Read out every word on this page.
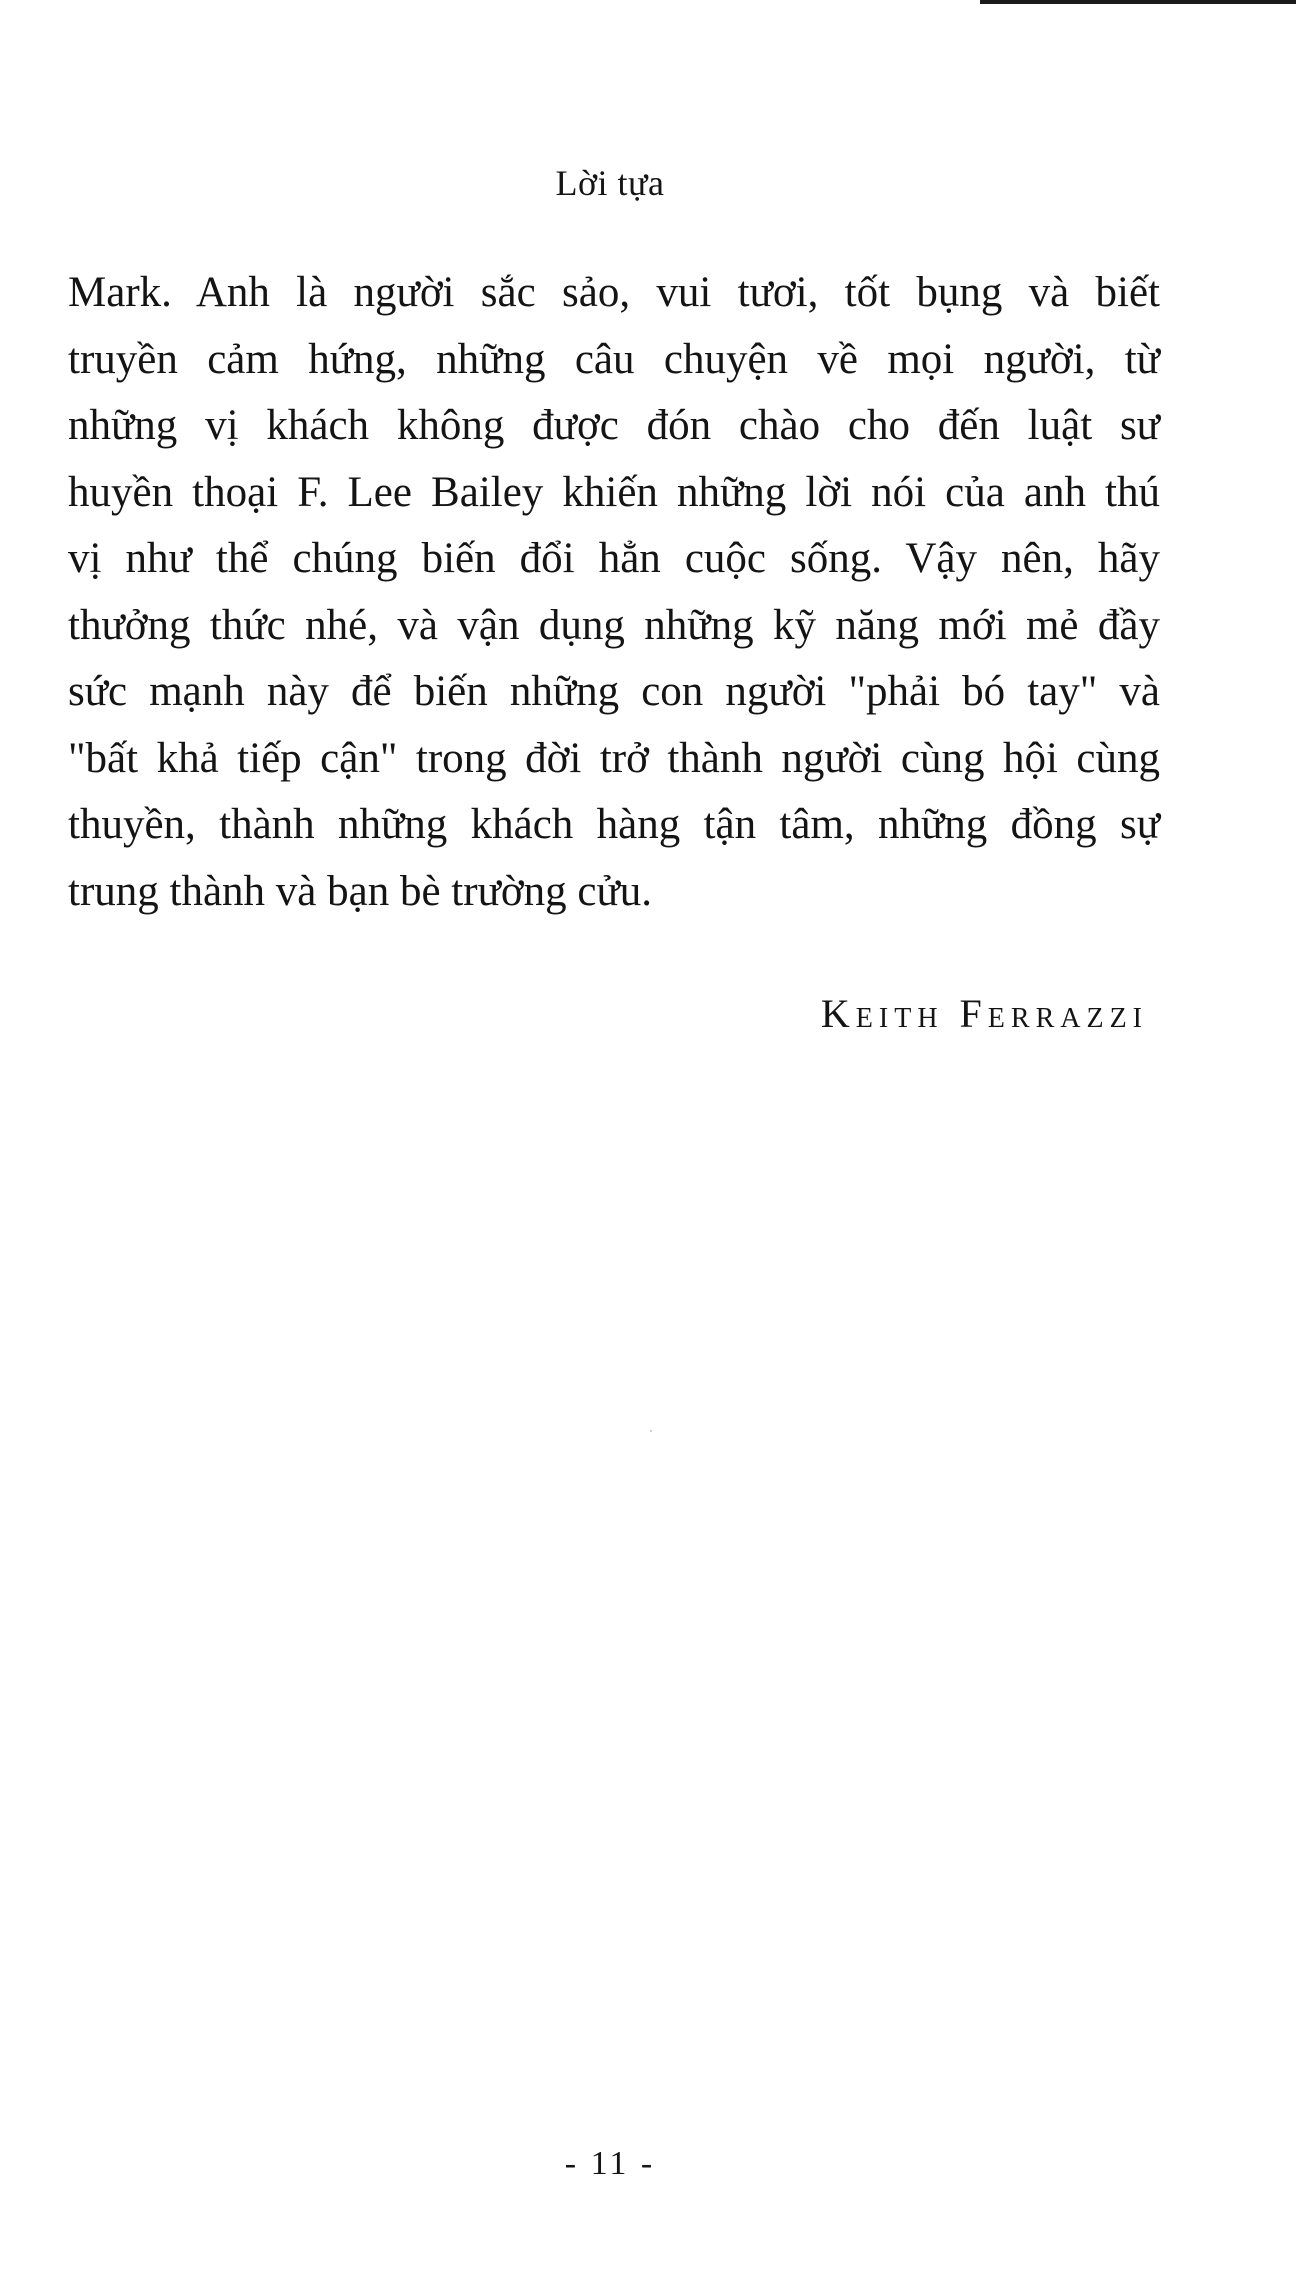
Lời tựa
Mark. Anh là người sắc sảo, vui tươi, tốt bụng và biết
truyền cảm hứng, những câu chuyện về mọi người, từ
những vị khách không được đón chào cho đến luật sư
huyền thoại F. Lee Bailey khiến những lời nói của anh thú
vị như thể chúng biến đổi hẳn cuộc sống. Vậy nên, hãy
thưởng thức nhé, và vận dụng những kỹ năng mới mẻ đầy
sức mạnh này để biến những con người "phải bó tay" và
"bất khả tiếp cận" trong đời trở thành người cùng hội cùng
thuyền, thành những khách hàng tận tâm, những đồng sự
trung thành và bạn bè trường cửu.
Keith Ferrazzi
- 11 -
